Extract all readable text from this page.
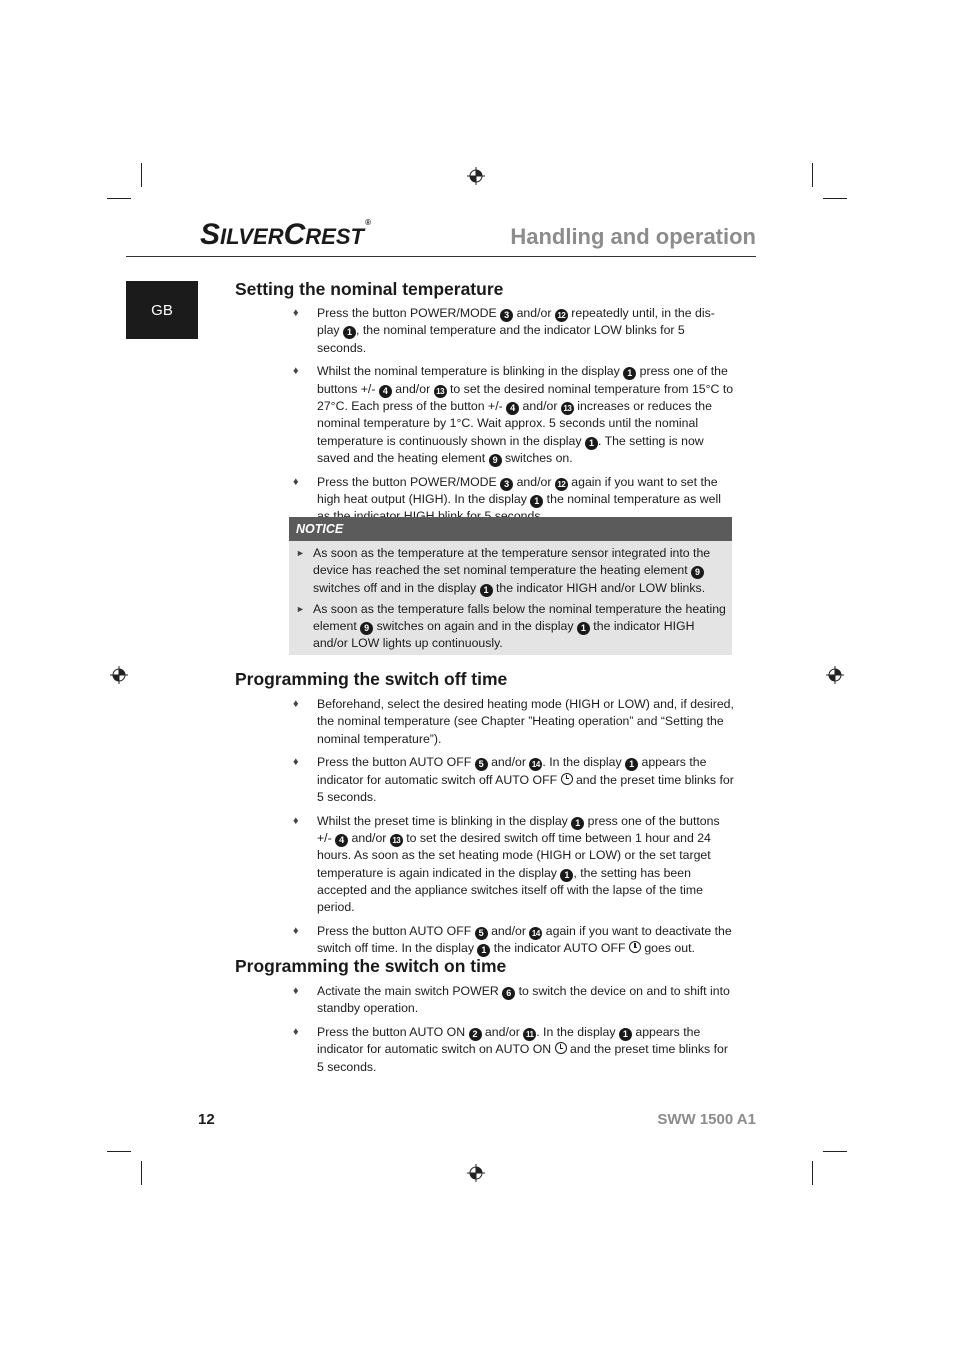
SILVERCREST®
Handling and operation
GB
Setting the nominal temperature
♦ Press the button POWER/MODE 3 and/or 12 repeatedly until, in the dis-play 1 , the nominal temperature and the indicator LOW blinks for 5 seconds.
♦ Whilst the nominal temperature is blinking in the display 1 press one of the buttons +/- 4 and/or 13 to set the desired nominal temperature from 15°C to 27°C. Each press of the button +/- 4 and/or 13 increases or reduces the nominal temperature by 1°C. Wait approx. 5 seconds until the nominal temperature is continuously shown in the display 1 . The setting is now saved and the heating element 9 switches on.
♦ Press the button POWER/MODE 3 and/or 12 again if you want to set the high heat output (HIGH). In the display 1 the nominal temperature as well
NOTICE
► As soon as the temperature at the temperature sensor integrated into the device has reached the set nominal temperature the heating element 9 switches off and in the display 1 the indicator HIGH and/or LOW blinks.
► As soon as the temperature falls below the nominal temperature the heating element 9 switches on again and in the display 1 the indicator HIGH and/or LOW lights up continuously.
Programming the switch off time
♦ Beforehand, select the desired heating mode (HIGH or LOW) and, if desired, the nominal temperature (see Chapter ”Heating operation” and “Setting the nominal temperature”).
♦ Press the button AUTO OFF 5 and/or 14 . In the display 1 appears the indicator for automatic switch off AUTO OFF  and the preset time blinks for 5 seconds.
♦ Whilst the preset time is blinking in the display 1 press one of the buttons +/- 4 and/or 13 to set the desired switch off time between 1 hour and 24 hours. As soon as the set heating mode (HIGH or LOW) or the set target temperature is again indicated in the display 1 , the setting has been accepted and the appliance switches itself off with the lapse of the time period.
♦ Press the button AUTO OFF 5 and/or 14 again if you want to deactivate the switch off time. In the display 1 the indicator AUTO OFF  goes out.
Programming the switch on time
♦ Activate the main switch POWER 6 to switch the device on and to shift into standby operation.
♦ Press the button AUTO ON 2 and/or 11 . In the display 1 appears the indicator for automatic switch on AUTO ON  and the preset time blinks for 5 seconds.
12	SWW 1500 A1
